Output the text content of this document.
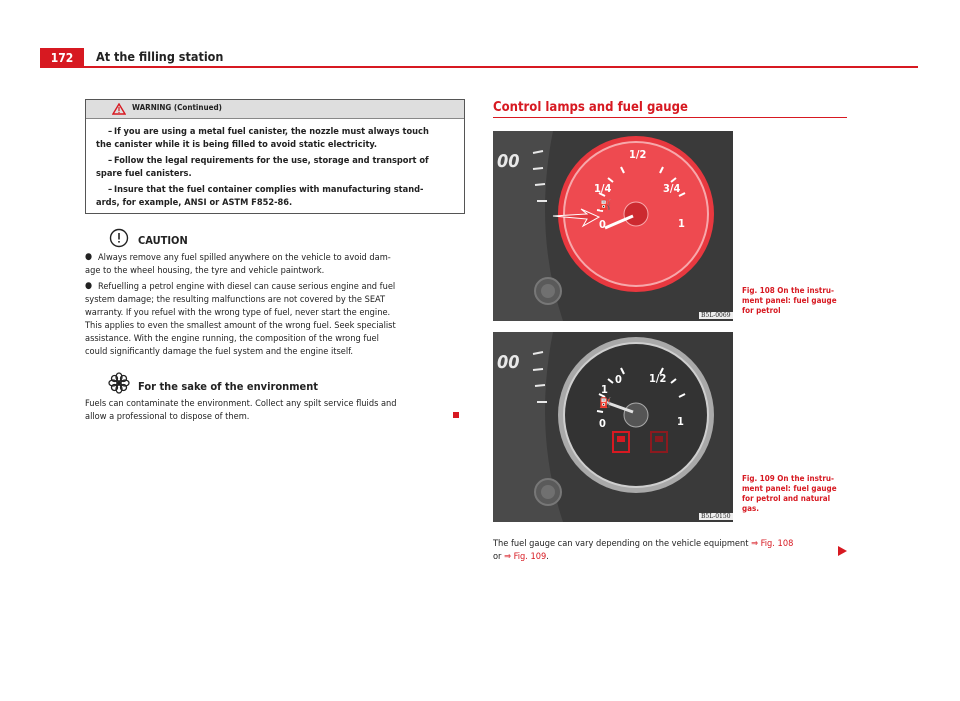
172	At the filling station
WARNING (Continued)
– If you are using a metal fuel canister, the nozzle must always touch
the canister while it is being filled to avoid static electricity.
– Follow the legal requirements for the use, storage and transport of
spare fuel canisters.
– Insure that the fuel container complies with manufacturing stand-
ards, for example, ANSI or ASTM F852-86.
CAUTION
● Always remove any fuel spilled anywhere on the vehicle to avoid dam-
age to the wheel housing, the tyre and vehicle paintwork.
● Refuelling a petrol engine with diesel can cause serious engine and fuel
system damage; the resulting malfunctions are not covered by the SEAT
warranty. If you refuel with the wrong type of fuel, never start the engine.
This applies to even the smallest amount of the wrong fuel. Seek specialist
assistance. With the engine running, the composition of the wrong fuel
could significantly damage the fuel system and the engine itself.
For the sake of the environment
Fuels can contaminate the environment. Collect any spilt service fluids and
allow a professional to dispose of them.
Control lamps and fuel gauge
00	1/2
1/4	3/4
0	1
⛽
B5L-0069
Fig. 108 On the instru-
ment panel: fuel gauge
for petrol
00
0 1/2
1
0	1
⛽
B5L-0150
Fig. 109 On the instru-
ment panel: fuel gauge
for petrol and natural
gas.
The fuel gauge can vary depending on the vehicle equipment ⇒ Fig. 108
or ⇒ Fig. 109.
